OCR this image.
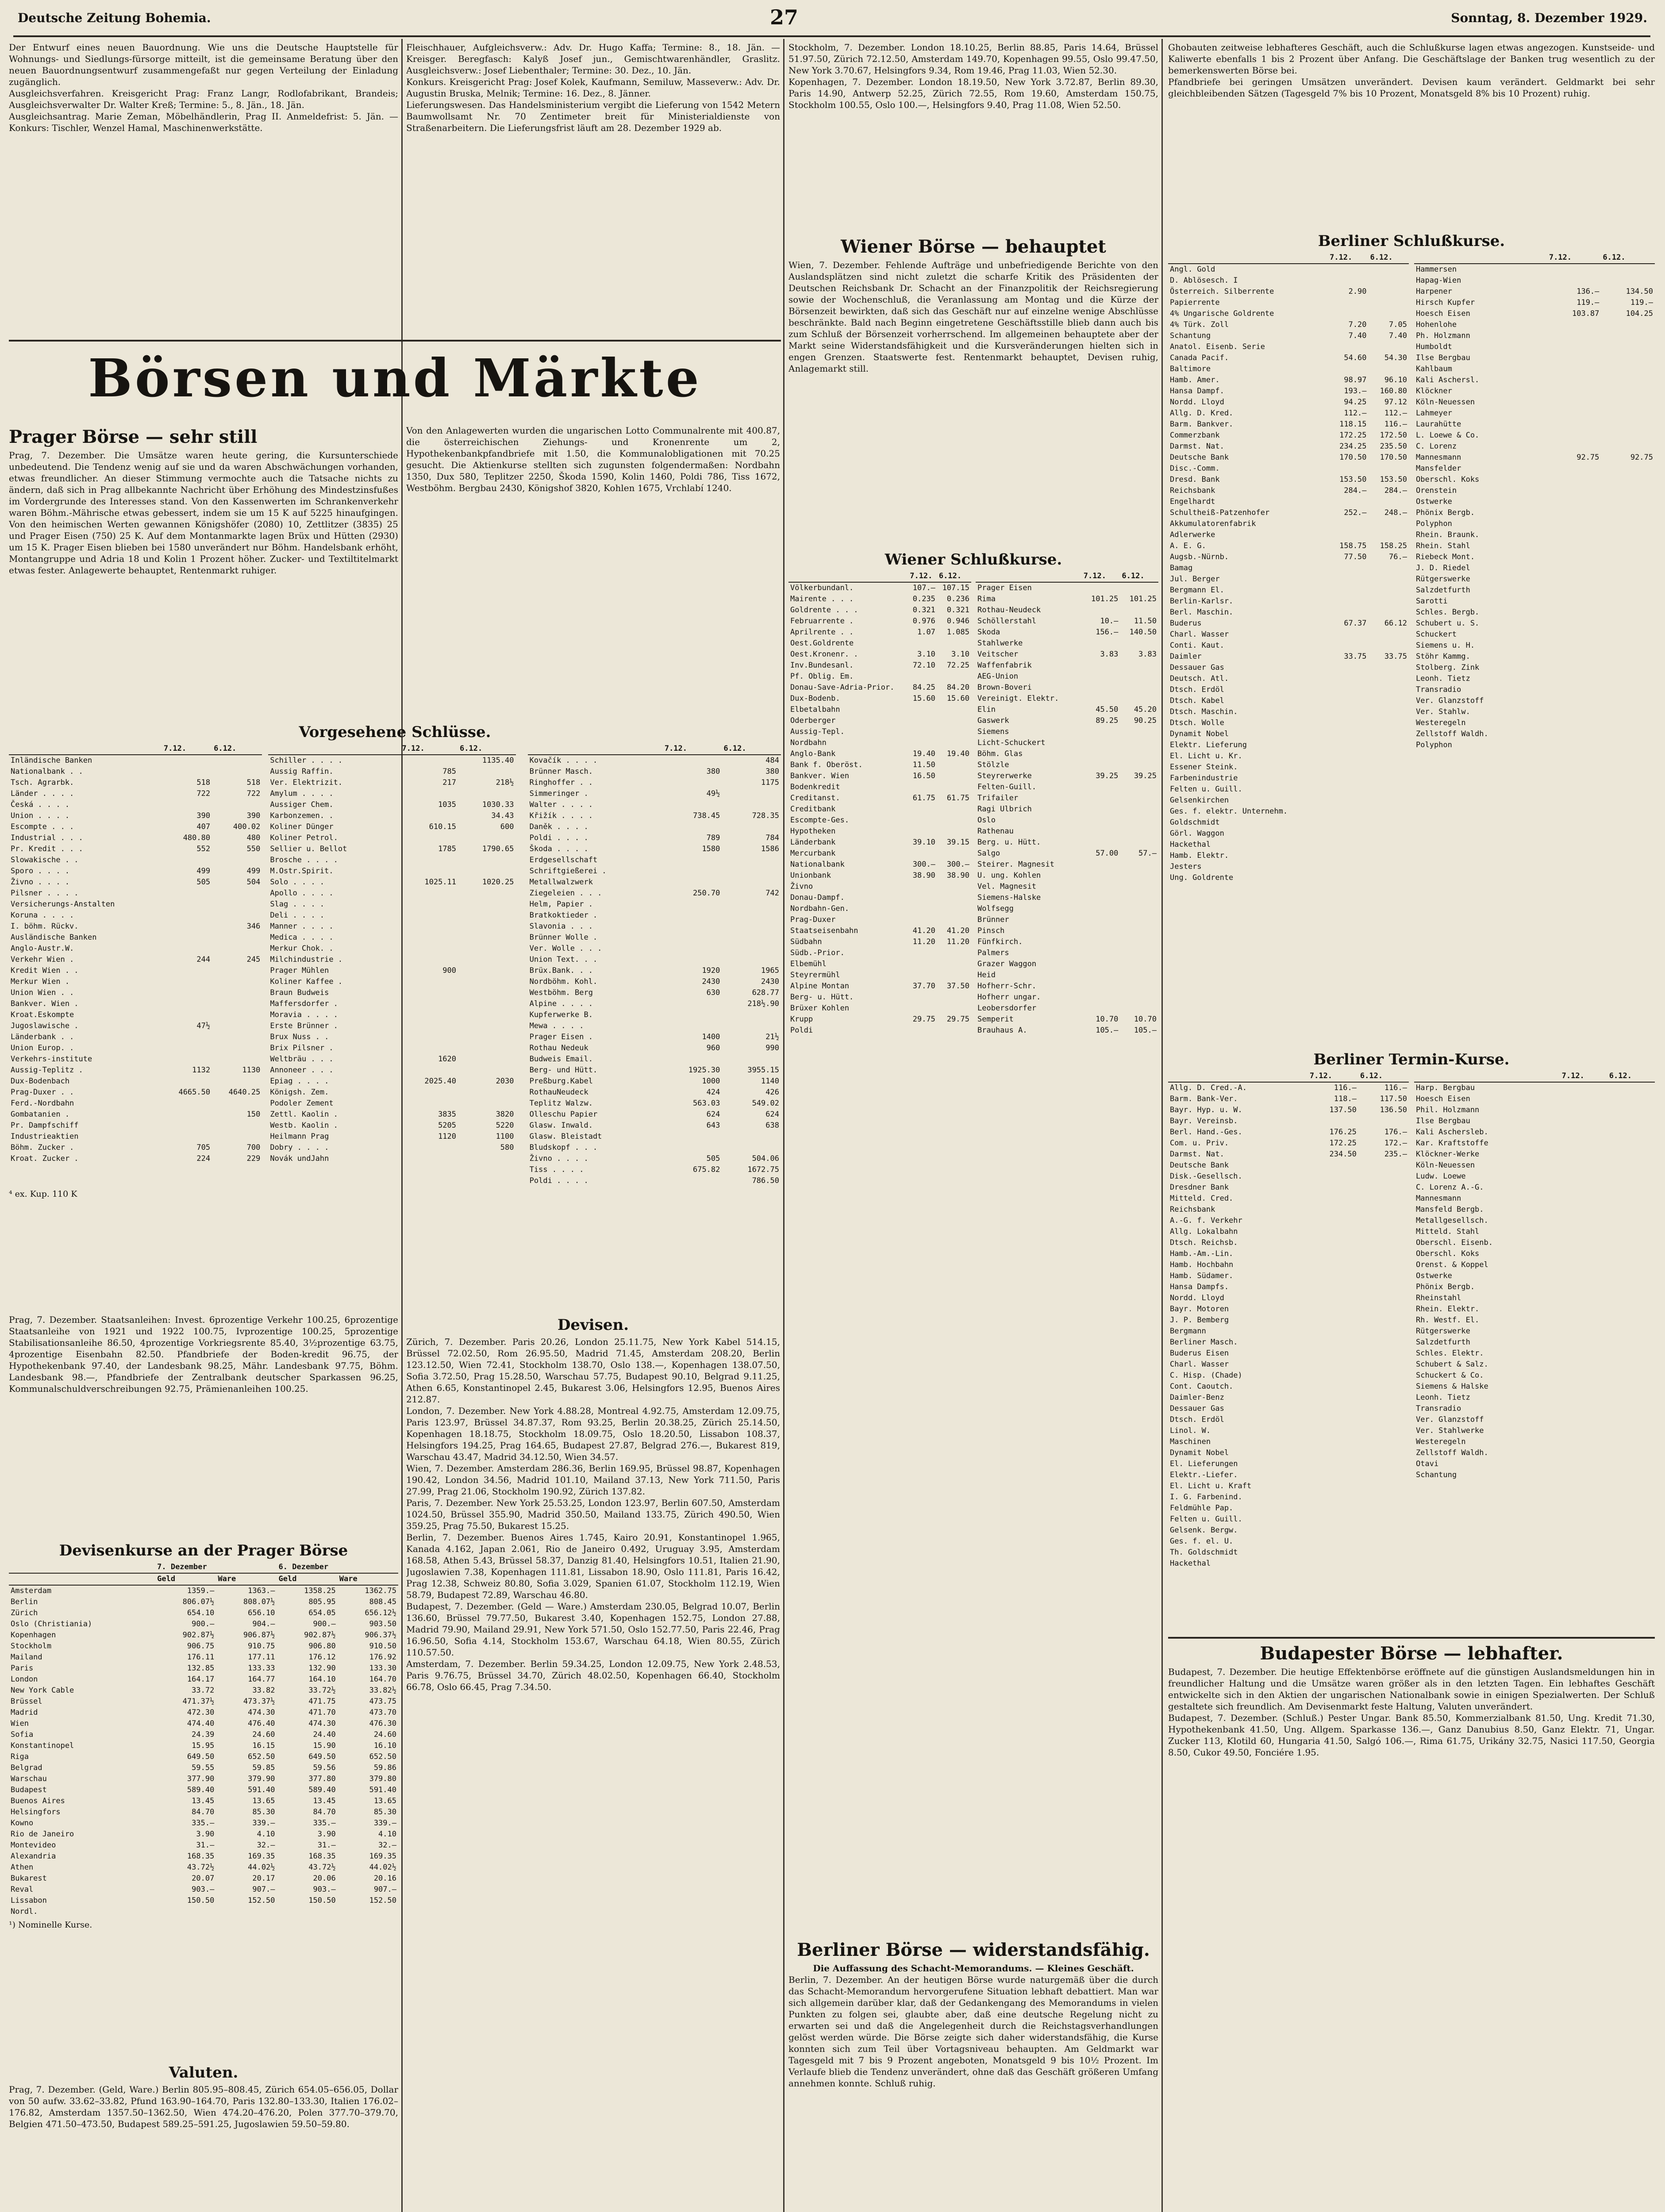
Deutsche Zeitung Bohemia.	27	Sonntag, 8. Dezember 1929.

Der Entwurf eines neuen Bauordnung. Wie uns die Deutsche Hauptstelle für Wohnungs- und Siedlungs-fürsorge mitteilt, ist die gemeinsame Beratung über den neuen Bauordnungsentwurf zusammengefaßt nur gegen Verteilung der Einladung zugänglich.

Ausgleichsverfahren. Kreisgericht Prag: Franz Langr, Rodlofabrikant, Brandeis; Ausgleichsverwalter Dr. Walter Kreß; Termine: 5., 8. Jän., 18. Jän.

Ausgleichsantrag. Marie Zeman, Möbelhändlerin, Prag II. Anmeldefrist: 5. Jän. — Konkurs: Tischler, Wenzel Hamal, Maschinenwerkstätte.

Fleischhauer, Aufgleichsverw.: Adv. Dr. Hugo Kaffa; Termine: 8., 18. Jän. — Kreisger. Beregfasch: Kalyß Josef jun., Gemischtwarenhändler, Graslitz. Ausgleichsverw.: Josef Liebenthaler; Termine: 30. Dez., 10. Jän.

Konkurs. Kreisgericht Prag: Josef Kolek, Kaufmann, Semiluw, Masseverw.: Adv. Dr. Augustin Bruska, Melnik; Termine: 16. Dez., 8. Jänner.

Lieferungswesen. Das Handelsministerium vergibt die Lieferung von 1542 Metern Baumwollsamt Nr. 70 Zentimeter breit für Ministerialdienste von Straßenarbeitern. Die Lieferungsfrist läuft am 28. Dezember 1929 ab.

Börsen und Märkte
Prager Börse — sehr still

Prag, 7. Dezember. Die Umsätze waren heute gering, die Kursunterschiede unbedeutend. Die Tendenz wenig auf sie und da waren Abschwächungen vorhanden, etwas freundlicher. An dieser Stimmung vermochte auch die Tatsache nichts zu ändern, daß sich in Prag allbekannte Nachricht über Erhöhung des Mindestzinsfußes im Vordergrunde des Interesses stand. Von den Kassenwerten im Schrankenverkehr waren Böhm.-Mährische etwas gebessert, indem sie um 15 K auf 5225 hinaufgingen. Von den heimischen Werten gewannen Königshöfer (2080) 10, Zettlitzer (3835) 25 und Prager Eisen (750) 25 K. Auf dem Montanmarkte lagen Brüx und Hütten (2930) um 15 K. Prager Eisen blieben bei 1580 unverändert nur Böhm. Handelsbank erhöht, Montangruppe und Adria 18 und Kolin 1 Prozent höher. Zucker- und Textiltitelmarkt etwas fester. Anlagewerte behauptet, Rentenmarkt ruhiger.

Von den Anlagewerten wurden die ungarischen Lotto Communalrente mit 400.87, die österreichischen Ziehungs- und Kronenrente um 2, Hypothekenbankpfandbriefe mit 1.50, die Kommunalobligationen mit 70.25 gesucht. Die Aktienkurse stellten sich zugunsten folgendermaßen: Nordbahn 1350, Dux 580, Teplitzer 2250, Škoda 1590, Kolin 1460, Poldi 786, Tiss 1672, Westböhm. Bergbau 2430, Königshof 3820, Kohlen 1675, Vrchlabí 1240.

Vorgesehene Schlüsse.
	7.12.	6.12.
Inländische Banken		
Nationalbank . .		
Tsch. Agrarbk.	518	518
Länder . . . .	722	722
Česká . . . .		
Union . . . .	390	390
Escompte . . .	407	400.02
Industrial . . .	480.80	480
Pr. Kredit . . .	552	550
Slowakische . .		
Sporo . . . .	499	499
Živno . . . .	505	504
Pilsner . . . .		
Versicherungs-Anstalten		
Koruna . . . .		
I. böhm. Rückv.		346
Ausländische Banken		
Anglo-Austr.W.		
Verkehr Wien .	244	245
Kredit Wien . .		
Merkur Wien .		
Union Wien . .		
Bankver. Wien .		
Kroat.Eskompte		
Jugoslawische .	47½	
Länderbank . .		
Union Europ. .		
Verkehrs-institute		
Aussig-Teplitz .	1132	1130
Dux-Bodenbach		
Prag-Duxer . .	4665.50	4640.25
Ferd.-Nordbahn		
Gombatanien .		150
Pr. Dampfschiff		
Industrieaktien		
Böhm. Zucker .	705	700
Kroat. Zucker .	224	229
	7.12.	6.12.	
Schiller . . . .		1135.40	
Aussig Raffin.	785		
Ver. Elektrizit.	217	218½	
Amylum . . . .			
Aussiger Chem.	1035	1030.33	
Karbonzemen. .		34.43	
Koliner Dünger	610.15	600	
Koliner Petrol.			
Sellier u. Bellot	1785	1790.65	
Brosche . . . .			
M.Ostr.Spirit.			
Solo . . . .	1025.11	1020.25	
Apollo . . . .			
Slag . . . .			
Deli . . . .			
Manner . . . .			
Medica . . . .			
Merkur Chok. .			
Milchindustrie .			
Prager Mühlen	900		
Koliner Kaffee .			
Braun Budweis			
Maffersdorfer .			
Moravia . . . .			
Erste Brünner .			
Brux Nuss . .			
Brix Pilsner .			
Weltbräu . . .	1620		
Annoneer . . .			
Epiag . . . .	2025.40	2030	
Königsh. Zem.			
Podoler Zement			
Zettl. Kaolin .	3835	3820	
Westb. Kaolin .	5205	5220	
Heilmann Prag	1120	1100	
Dobry . . . .		580	
Novák undJahn			
	7.12.	6.12.
Kovačík . . . .		484
Brünner Masch.	380	380
Ringhoffer . .		1175
Simmeringer .	49½	
Walter . . . .		
Křižík . . . .	738.45	728.35
Daněk . . . .		
Poldi . . . .	789	784
Škoda . . . .	1580	1586
Erdgesellschaft		
Schriftgießerei .		
Metallwalzwerk		
Ziegeleien . . .	250.70	742
Helm, Papier .		
Bratkoktieder .		
Slavonia . . .		
Brünner Wolle .		
Ver. Wolle . . .		
Union Text. . .		
Brüx.Bank. . .	1920	1965
Nordböhm. Kohl.	2430	2430
Westböhm. Berg	630	628.77
Alpine . . . .		218½.90
Kupferwerke B.		
Mewa . . . .		
Prager Eisen .	1400	21½
Rothau Nedeuk	960	990
Budweis Email.		
Berg- und Hütt.	1925.30	3955.15
Preßburg.Kabel	1000	1140
RothauNeudeck	424	426
Teplitz Walzw.	563.03	549.02
Olleschu Papier	624	624
Glasw. Inwald.	643	638
Glasw. Bleistadt		
Bludskopf . . .		
Živno . . . .	505	504.06
Tiss . . . .	675.82	1672.75
Poldi . . . .		786.50

⁴ ex. Kup. 110 K

Prag, 7. Dezember. Staatsanleihen: Invest. 6prozentige Verkehr 100.25, 6prozentige Staatsanleihe von 1921 und 1922 100.75, Ivprozentige 100.25, 5prozentige Stabilisationsanleihe 86.50, 4prozentige Vorkriegsrente 85.40, 3½prozentige 63.75, 4prozentige Eisenbahn 82.50. Pfandbriefe der Boden-kredit 96.75, der Hypothekenbank 97.40, der Landesbank 98.25, Mähr. Landesbank 97.75, Böhm. Landesbank 98.—, Pfandbriefe der Zentralbank deutscher Sparkassen 96.25, Kommunalschuldverschreibungen 92.75, Prämienanleihen 100.25.

Devisenkurse an der Prager Börse
	7. Dezember		6. Dezember	
	Geld	Ware	Geld	Ware
Amsterdam	1359.—	1363.—	1358.25	1362.75
Berlin	806.07½	808.07½	805.95	808.45
Zürich	654.10	656.10	654.05	656.12½
Oslo (Christiania)	900.—	904.—	900.—	903.50
Kopenhagen	902.87½	906.87½	902.87½	906.37½
Stockholm	906.75	910.75	906.80	910.50
Mailand	176.11	177.11	176.12	176.92
Paris	132.85	133.33	132.90	133.30
London	164.17	164.77	164.10	164.70
New York Cable	33.72	33.82	33.72½	33.82½
Brüssel	471.37½	473.37½	471.75	473.75
Madrid	472.30	474.30	471.70	473.70
Wien	474.40	476.40	474.30	476.30
Sofia	24.39	24.60	24.40	24.60
Konstantinopel	15.95	16.15	15.90	16.10
Riga	649.50	652.50	649.50	652.50
Belgrad	59.55	59.85	59.56	59.86
Warschau	377.90	379.90	377.80	379.80
Budapest	589.40	591.40	589.40	591.40
Buenos Aires	13.45	13.65	13.45	13.65
Helsingfors	84.70	85.30	84.70	85.30
Kowno	335.—	339.—	335.—	339.—
Rio de Janeiro	3.90	4.10	3.90	4.10
Montevideo	31.—	32.—	31.—	32.—
Alexandria	168.35	169.35	168.35	169.35
Athen	43.72½	44.02½	43.72½	44.02½
Bukarest	20.07	20.17	20.06	20.16
Reval	903.—	907.—	903.—	907.—
Lissabon	150.50	152.50	150.50	152.50
Nordl.				

¹) Nominelle Kurse.

Valuten.

Prag, 7. Dezember. (Geld, Ware.) Berlin 805.95–808.45, Zürich 654.05–656.05, Dollar von 50 aufw. 33.62–33.82, Pfund 163.90–164.70, Paris 132.80–133.30, Italien 176.02–176.82, Amsterdam 1357.50–1362.50, Wien 474.20–476.20, Polen 377.70–379.70, Belgien 471.50–473.50, Budapest 589.25–591.25, Jugoslawien 59.50–59.80.

Devisen.

Zürich, 7. Dezember. Paris 20.26, London 25.11.75, New York Kabel 514.15, Brüssel 72.02.50, Rom 26.95.50, Madrid 71.45, Amsterdam 208.20, Berlin 123.12.50, Wien 72.41, Stockholm 138.70, Oslo 138.—, Kopenhagen 138.07.50, Sofia 3.72.50, Prag 15.28.50, Warschau 57.75, Budapest 90.10, Belgrad 9.11.25, Athen 6.65, Konstantinopel 2.45, Bukarest 3.06, Helsingfors 12.95, Buenos Aires 212.87.

London, 7. Dezember. New York 4.88.28, Montreal 4.92.75, Amsterdam 12.09.75, Paris 123.97, Brüssel 34.87.37, Rom 93.25, Berlin 20.38.25, Zürich 25.14.50, Kopenhagen 18.18.75, Stockholm 18.09.75, Oslo 18.20.50, Lissabon 108.37, Helsingfors 194.25, Prag 164.65, Budapest 27.87, Belgrad 276.—, Bukarest 819, Warschau 43.47, Madrid 34.12.50, Wien 34.57.

Wien, 7. Dezember. Amsterdam 286.36, Berlin 169.95, Brüssel 98.87, Kopenhagen 190.42, London 34.56, Madrid 101.10, Mailand 37.13, New York 711.50, Paris 27.99, Prag 21.06, Stockholm 190.92, Zürich 137.82.

Paris, 7. Dezember. New York 25.53.25, London 123.97, Berlin 607.50, Amsterdam 1024.50, Brüssel 355.90, Madrid 350.50, Mailand 133.75, Zürich 490.50, Wien 359.25, Prag 75.50, Bukarest 15.25.

Berlin, 7. Dezember. Buenos Aires 1.745, Kairo 20.91, Konstantinopel 1.965, Kanada 4.162, Japan 2.061, Rio de Janeiro 0.492, Uruguay 3.95, Amsterdam 168.58, Athen 5.43, Brüssel 58.37, Danzig 81.40, Helsingfors 10.51, Italien 21.90, Jugoslawien 7.38, Kopenhagen 111.81, Lissabon 18.90, Oslo 111.81, Paris 16.42, Prag 12.38, Schweiz 80.80, Sofia 3.029, Spanien 61.07, Stockholm 112.19, Wien 58.79, Budapest 72.89, Warschau 46.80.

Budapest, 7. Dezember. (Geld — Ware.) Amsterdam 230.05, Belgrad 10.07, Berlin 136.60, Brüssel 79.77.50, Bukarest 3.40, Kopenhagen 152.75, London 27.88, Madrid 79.90, Mailand 29.91, New York 571.50, Oslo 152.77.50, Paris 22.46, Prag 16.96.50, Sofia 4.14, Stockholm 153.67, Warschau 64.18, Wien 80.55, Zürich 110.57.50.

Amsterdam, 7. Dezember. Berlin 59.34.25, London 12.09.75, New York 2.48.53, Paris 9.76.75, Brüssel 34.70, Zürich 48.02.50, Kopenhagen 66.40, Stockholm 66.78, Oslo 66.45, Prag 7.34.50.

Stockholm, 7. Dezember. London 18.10.25, Berlin 88.85, Paris 14.64, Brüssel 51.97.50, Zürich 72.12.50, Amsterdam 149.70, Kopenhagen 99.55, Oslo 99.47.50, New York 3.70.67, Helsingfors 9.34, Rom 19.46, Prag 11.03, Wien 52.30.

Kopenhagen, 7. Dezember. London 18.19.50, New York 3.72.87, Berlin 89.30, Paris 14.90, Antwerp 52.25, Zürich 72.55, Rom 19.60, Amsterdam 150.75, Stockholm 100.55, Oslo 100.—, Helsingfors 9.40, Prag 11.08, Wien 52.50.

Wiener Börse — behauptet

Wien, 7. Dezember. Fehlende Aufträge und unbefriedigende Berichte von den Auslandsplätzen sind nicht zuletzt die scharfe Kritik des Präsidenten der Deutschen Reichsbank Dr. Schacht an der Finanzpolitik der Reichsregierung sowie der Wochenschluß, die Veranlassung am Montag und die Kürze der Börsenzeit bewirkten, daß sich das Geschäft nur auf einzelne wenige Abschlüsse beschränkte. Bald nach Beginn eingetretene Geschäftsstille blieb dann auch bis zum Schluß der Börsenzeit vorherrschend. Im allgemeinen behauptete aber der Markt seine Widerstandsfähigkeit und die Kursveränderungen hielten sich in engen Grenzen. Staatswerte fest. Rentenmarkt behauptet, Devisen ruhig, Anlagemarkt still.

Wiener Schlußkurse.
	7.12.	6.12.
Völkerbundanl.	107.—	107.15
Mairente . . .	0.235	0.236
Goldrente . . .	0.321	0.321
Februarrente .	0.976	0.946
Aprilrente . .	1.07	1.085
Oest.Goldrente		
Oest.Kronenr. .	3.10	3.10
Inv.Bundesanl.	72.10	72.25
Pf. Oblig. Em.		
Donau-Save-Adria-Prior.	84.25	84.20
Dux-Bodenb.	15.60	15.60
Elbetalbahn		
Oderberger		
Aussig-Tepl.		
Nordbahn		
Anglo-Bank	19.40	19.40
Bank f. Oberöst.	11.50	
Bankver. Wien	16.50	
Bodenkredit		
Creditanst.	61.75	61.75
Creditbank		
Escompte-Ges.		
Hypotheken		
Länderbank	39.10	39.15
Mercurbank		
Nationalbank	300.—	300.—
Unionbank	38.90	38.90
Živno		
Donau-Dampf.		
Nordbahn-Gen.		
Prag-Duxer		
Staatseisenbahn	41.20	41.20
Südbahn	11.20	11.20
Südb.-Prior.		
Elbemühl		
Steyrermühl		
Alpine Montan	37.70	37.50
Berg- u. Hütt.		
Brüxer Kohlen		
Krupp	29.75	29.75
Poldi		
	7.12.	6.12.
Prager Eisen		
Rima	101.25	101.25
Rothau-Neudeck		
Schöllerstahl	10.—	11.50
Skoda	156.—	140.50
Stahlwerke		
Veitscher	3.83	3.83
Waffenfabrik		
AEG-Union		
Brown-Boveri		
Vereinigt. Elektr.		
Elin	45.50	45.20
Gaswerk	89.25	90.25
Siemens		
Licht-Schuckert		
Böhm. Glas		
Stölzle		
Steyrerwerke	39.25	39.25
Felten-Guill.		
Trifailer		
Ragi Ulbrich		
Oslo		
Rathenau		
Berg. u. Hütt.		
Salgo	57.00	57.—
Steirer. Magnesit		
U. ung. Kohlen		
Vel. Magnesit		
Siemens-Halske		
Wolfsegg		
Brünner		
Pinsch		
Fünfkirch.		
Palmers		
Grazer Waggon		
Heid		
Hofherr-Schr.		
Hofherr ungar.		
Leobersdorfer		
Semperit	10.70	10.70
Brauhaus A.	105.—	105.—
Berliner Börse — widerstandsfähig.

Die Auffassung des Schacht-Memorandums. — Kleines Geschäft.

Berlin, 7. Dezember. An der heutigen Börse wurde naturgemäß über die durch das Schacht-Memorandum hervorgerufene Situation lebhaft debattiert. Man war sich allgemein darüber klar, daß der Gedankengang des Memorandums in vielen Punkten zu folgen sei, glaubte aber, daß eine deutsche Regelung nicht zu erwarten sei und daß die Angelegenheit durch die Reichstagsverhandlungen gelöst werden würde. Die Börse zeigte sich daher widerstandsfähig, die Kurse konnten sich zum Teil über Vortagsniveau behaupten. Am Geldmarkt war Tagesgeld mit 7 bis 9 Prozent angeboten, Monatsgeld 9 bis 10½ Prozent. Im Verlaufe blieb die Tendenz unverändert, ohne daß das Geschäft größeren Umfang annehmen konnte. Schluß ruhig.

Ghobauten zeitweise lebhafteres Geschäft, auch die Schlußkurse lagen etwas angezogen. Kunstseide- und Kaliwerte ebenfalls 1 bis 2 Prozent über Anfang. Die Geschäftslage der Banken trug wesentlich zu der bemerkenswerten Börse bei.

Pfandbriefe bei geringen Umsätzen unverändert. Devisen kaum verändert. Geldmarkt bei sehr gleichbleibenden Sätzen (Tagesgeld 7% bis 10 Prozent, Monatsgeld 8% bis 10 Prozent) ruhig.

Berliner Schlußkurse.
	7.12.	6.12.
Angl. Gold		
D. Ablösesch. I		
Österreich. Silberrente	2.90	
Papierrente		
4% Ungarische Goldrente		
4% Türk. Zoll	7.20	7.05
Schantung	7.40	7.40
Anatol. Eisenb. Serie		
Canada Pacif.	54.60	54.30
Baltimore		
Hamb. Amer.	98.97	96.10
Hansa Dampf.	193.—	160.80
Nordd. Lloyd	94.25	97.12
Allg. D. Kred.	112.—	112.—
Barm. Bankver.	118.15	116.—
Commerzbank	172.25	172.50
Darmst. Nat.	234.25	235.50
Deutsche Bank	170.50	170.50
Disc.-Comm.		
Dresd. Bank	153.50	153.50
Reichsbank	284.—	284.—
Engelhardt		
Schultheiß-Patzenhofer	252.—	248.—
Akkumulatorenfabrik		
Adlerwerke		
A. E. G.	158.75	158.25
Augsb.-Nürnb.	77.50	76.—
Bamag		
Jul. Berger		
Bergmann El.		
Berlin-Karlsr.		
Berl. Maschin.		
Buderus	67.37	66.12
Charl. Wasser		
Conti. Kaut.		
Daimler	33.75	33.75
Dessauer Gas		
Deutsch. Atl.		
Dtsch. Erdöl		
Dtsch. Kabel		
Dtsch. Maschin.		
Dtsch. Wolle		
Dynamit Nobel		
Elektr. Lieferung		
El. Licht u. Kr.		
Essener Steink.		
Farbenindustrie		
Felten u. Guill.		
Gelsenkirchen		
Ges. f. elektr. Unternehm.		
Goldschmidt		
Görl. Waggon		
Hackethal		
Hamb. Elektr.		
Jesters		
Ung. Goldrente		
	7.12.	6.12.
Hammersen		
Hapag-Wien		
Harpener	136.—	134.50
Hirsch Kupfer	119.—	119.—
Hoesch Eisen	103.87	104.25
Hohenlohe		
Ph. Holzmann		
Humboldt		
Ilse Bergbau		
Kahlbaum		
Kali Aschersl.		
Klöckner		
Köln-Neuessen		
Lahmeyer		
Laurahütte		
L. Loewe & Co.		
C. Lorenz		
Mannesmann	92.75	92.75
Mansfelder		
Oberschl. Koks		
Orenstein		
Ostwerke		
Phönix Bergb.		
Polyphon		
Rhein. Braunk.		
Rhein. Stahl		
Riebeck Mont.		
J. D. Riedel		
Rütgerswerke		
Salzdetfurth		
Sarotti		
Schles. Bergb.		
Schubert u. S.		
Schuckert		
Siemens u. H.		
Stöhr Kammg.		
Stolberg. Zink		
Leonh. Tietz		
Transradio		
Ver. Glanzstoff		
Ver. Stahlw.		
Westeregeln		
Zellstoff Waldh.		
Polyphon		
Berliner Termin-Kurse.
	7.12.	6.12.
Allg. D. Cred.-A.	116.—	116.—
Barm. Bank-Ver.	118.—	117.50
Bayr. Hyp. u. W.	137.50	136.50
Bayr. Vereinsb.		
Berl. Hand.-Ges.	176.25	176.—
Com. u. Priv.	172.25	172.—
Darmst. Nat.	234.50	235.—
Deutsche Bank		
Disk.-Gesellsch.		
Dresdner Bank		
Mitteld. Cred.		
Reichsbank		
A.-G. f. Verkehr		
Allg. Lokalbahn		
Dtsch. Reichsb.		
Hamb.-Am.-Lin.		
Hamb. Hochbahn		
Hamb. Südamer.		
Hansa Dampfs.		
Nordd. Lloyd		
Bayr. Motoren		
J. P. Bemberg		
Bergmann		
Berliner Masch.		
Buderus Eisen		
Charl. Wasser		
C. Hisp. (Chade)		
Cont. Caoutch.		
Daimler-Benz		
Dessauer Gas		
Dtsch. Erdöl		
Linol. W.		
Maschinen		
Dynamit Nobel		
El. Lieferungen		
Elektr.-Liefer.		
El. Licht u. Kraft		
I. G. Farbenind.		
Feldmühle Pap.		
Felten u. Guill.		
Gelsenk. Bergw.		
Ges. f. el. U.		
Th. Goldschmidt		
Hackethal		
	7.12.	6.12.
Harp. Bergbau		
Hoesch Eisen		
Phil. Holzmann		
Ilse Bergbau		
Kali Aschersleb.		
Kar. Kraftstoffe		
Klöckner-Werke		
Köln-Neuessen		
Ludw. Loewe		
C. Lorenz A.-G.		
Mannesmann		
Mansfeld Bergb.		
Metallgesellsch.		
Mitteld. Stahl		
Oberschl. Eisenb.		
Oberschl. Koks		
Orenst. & Koppel		
Ostwerke		
Phönix Bergb.		
Rheinstahl		
Rhein. Elektr.		
Rh. Westf. El.		
Rütgerswerke		
Salzdetfurth		
Schles. Elektr.		
Schubert & Salz.		
Schuckert & Co.		
Siemens & Halske		
Leonh. Tietz		
Transradio		
Ver. Glanzstoff		
Ver. Stahlwerke		
Westeregeln		
Zellstoff Waldh.		
Otavi		
Schantung		
Budapester Börse — lebhafter.

Budapest, 7. Dezember. Die heutige Effektenbörse eröffnete auf die günstigen Auslandsmeldungen hin in freundlicher Haltung und die Umsätze waren größer als in den letzten Tagen. Ein lebhaftes Geschäft entwickelte sich in den Aktien der ungarischen Nationalbank sowie in einigen Spezialwerten. Der Schluß gestaltete sich freundlich. Am Devisenmarkt feste Haltung, Valuten unverändert.

Budapest, 7. Dezember. (Schluß.) Pester Ungar. Bank 85.50, Kommerzialbank 81.50, Ung. Kredit 71.30, Hypothekenbank 41.50, Ung. Allgem. Sparkasse 136.—, Ganz Danubius 8.50, Ganz Elektr. 71, Ungar. Zucker 113, Klotild 60, Hungaria 41.50, Salgó 106.—, Rima 61.75, Urikány 32.75, Nasici 117.50, Georgia 8.50, Cukor 49.50, Fonciére 1.95.
